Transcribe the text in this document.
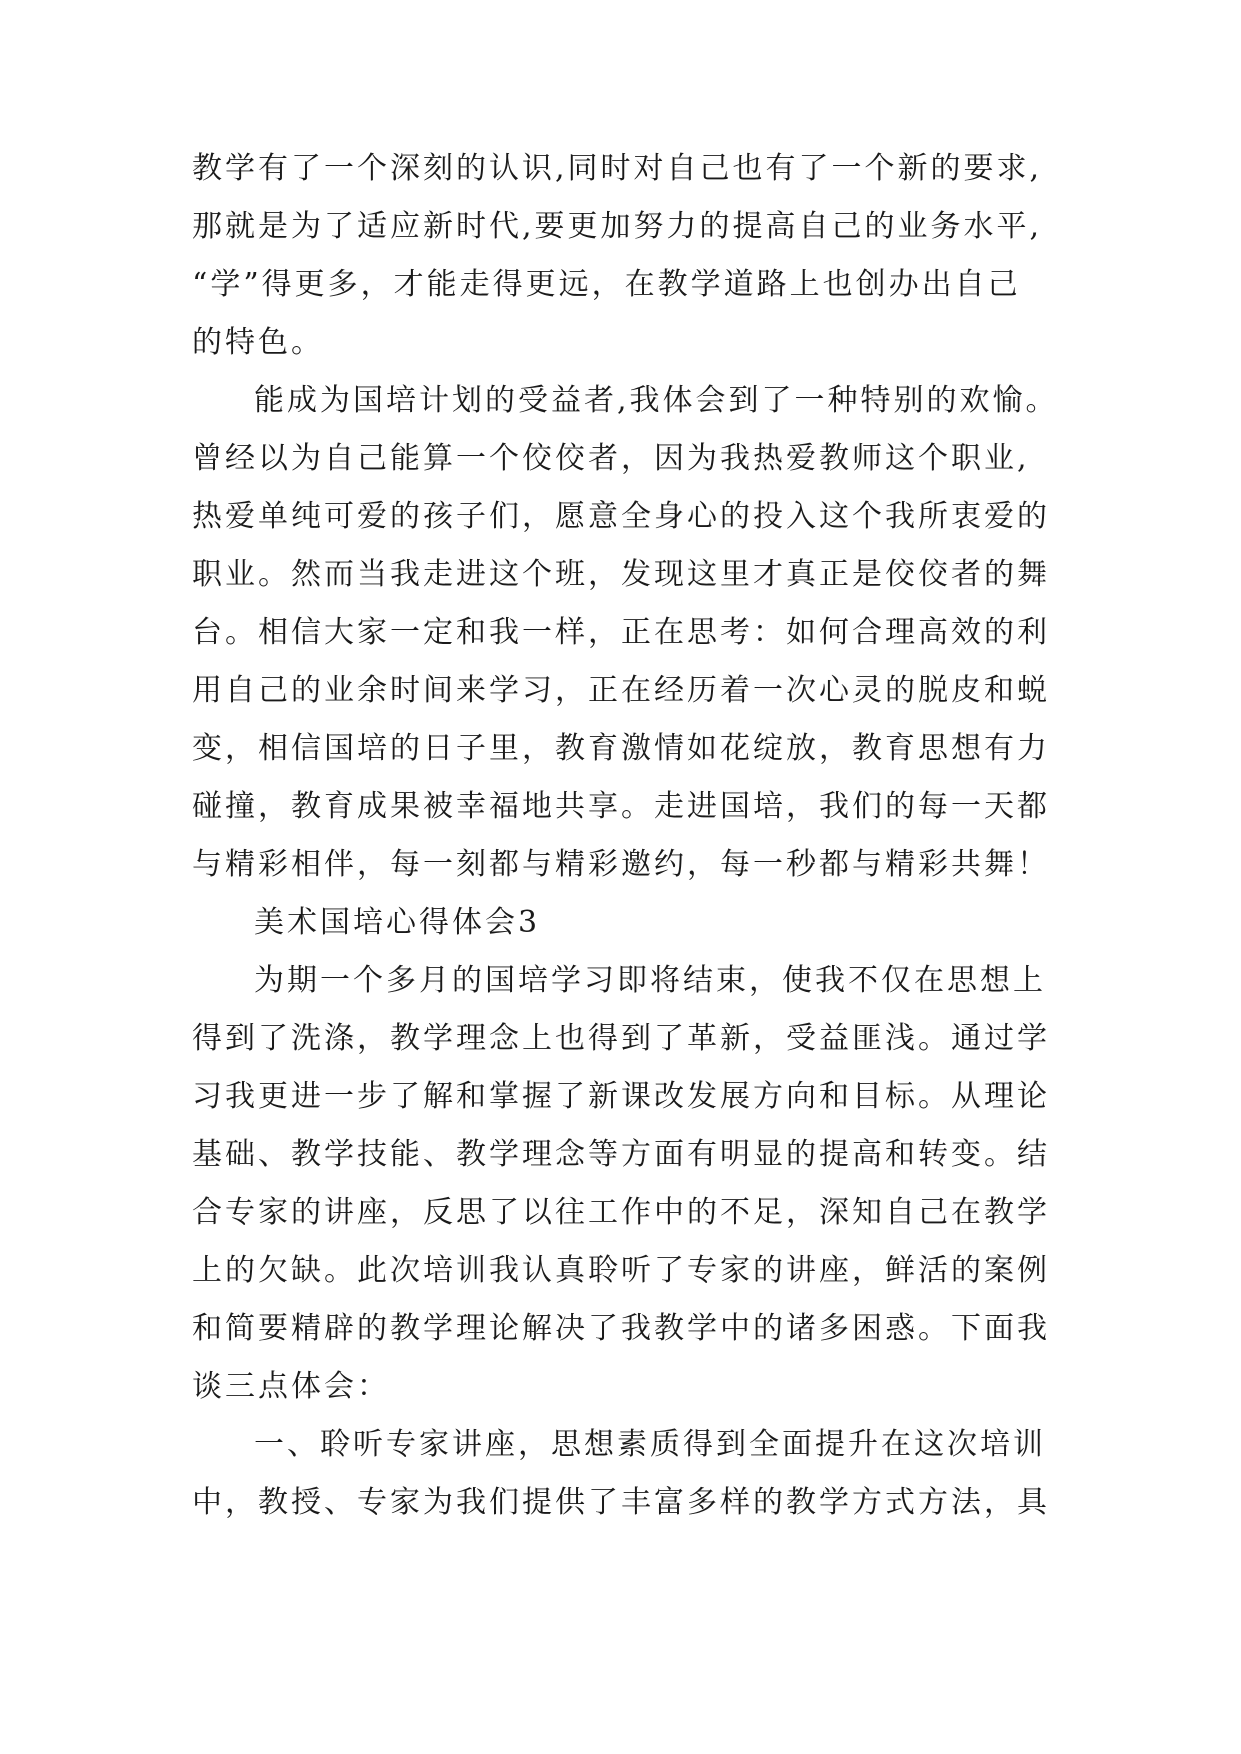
教学有了一个深刻的认识,同时对自己也有了一个新的要求,
那就是为了适应新时代,要更加努力的提高自己的业务水平,
“学”得更多，才能走得更远，在教学道路上也创办出自己
的特色。
能成为国培计划的受益者,我体会到了一种特别的欢愉。
曾经以为自己能算一个佼佼者，因为我热爱教师这个职业,
热爱单纯可爱的孩子们，愿意全身心的投入这个我所衷爱的
职业。然而当我走进这个班，发现这里才真正是佼佼者的舞
台。相信大家一定和我一样，正在思考：如何合理高效的利
用自己的业余时间来学习，正在经历着一次心灵的脱皮和蜕
变，相信国培的日子里，教育激情如花绽放，教育思想有力
碰撞，教育成果被幸福地共享。走进国培，我们的每一天都
与精彩相伴，每一刻都与精彩邀约，每一秒都与精彩共舞！
美术国培心得体会3
为期一个多月的国培学习即将结束，使我不仅在思想上
得到了洗涤，教学理念上也得到了革新，受益匪浅。通过学
习我更进一步了解和掌握了新课改发展方向和目标。从理论
基础、教学技能、教学理念等方面有明显的提高和转变。结
合专家的讲座，反思了以往工作中的不足，深知自己在教学
上的欠缺。此次培训我认真聆听了专家的讲座，鲜活的案例
和简要精辟的教学理论解决了我教学中的诸多困惑。下面我
谈三点体会：
一、聆听专家讲座，思想素质得到全面提升在这次培训
中，教授、专家为我们提供了丰富多样的教学方式方法，具
